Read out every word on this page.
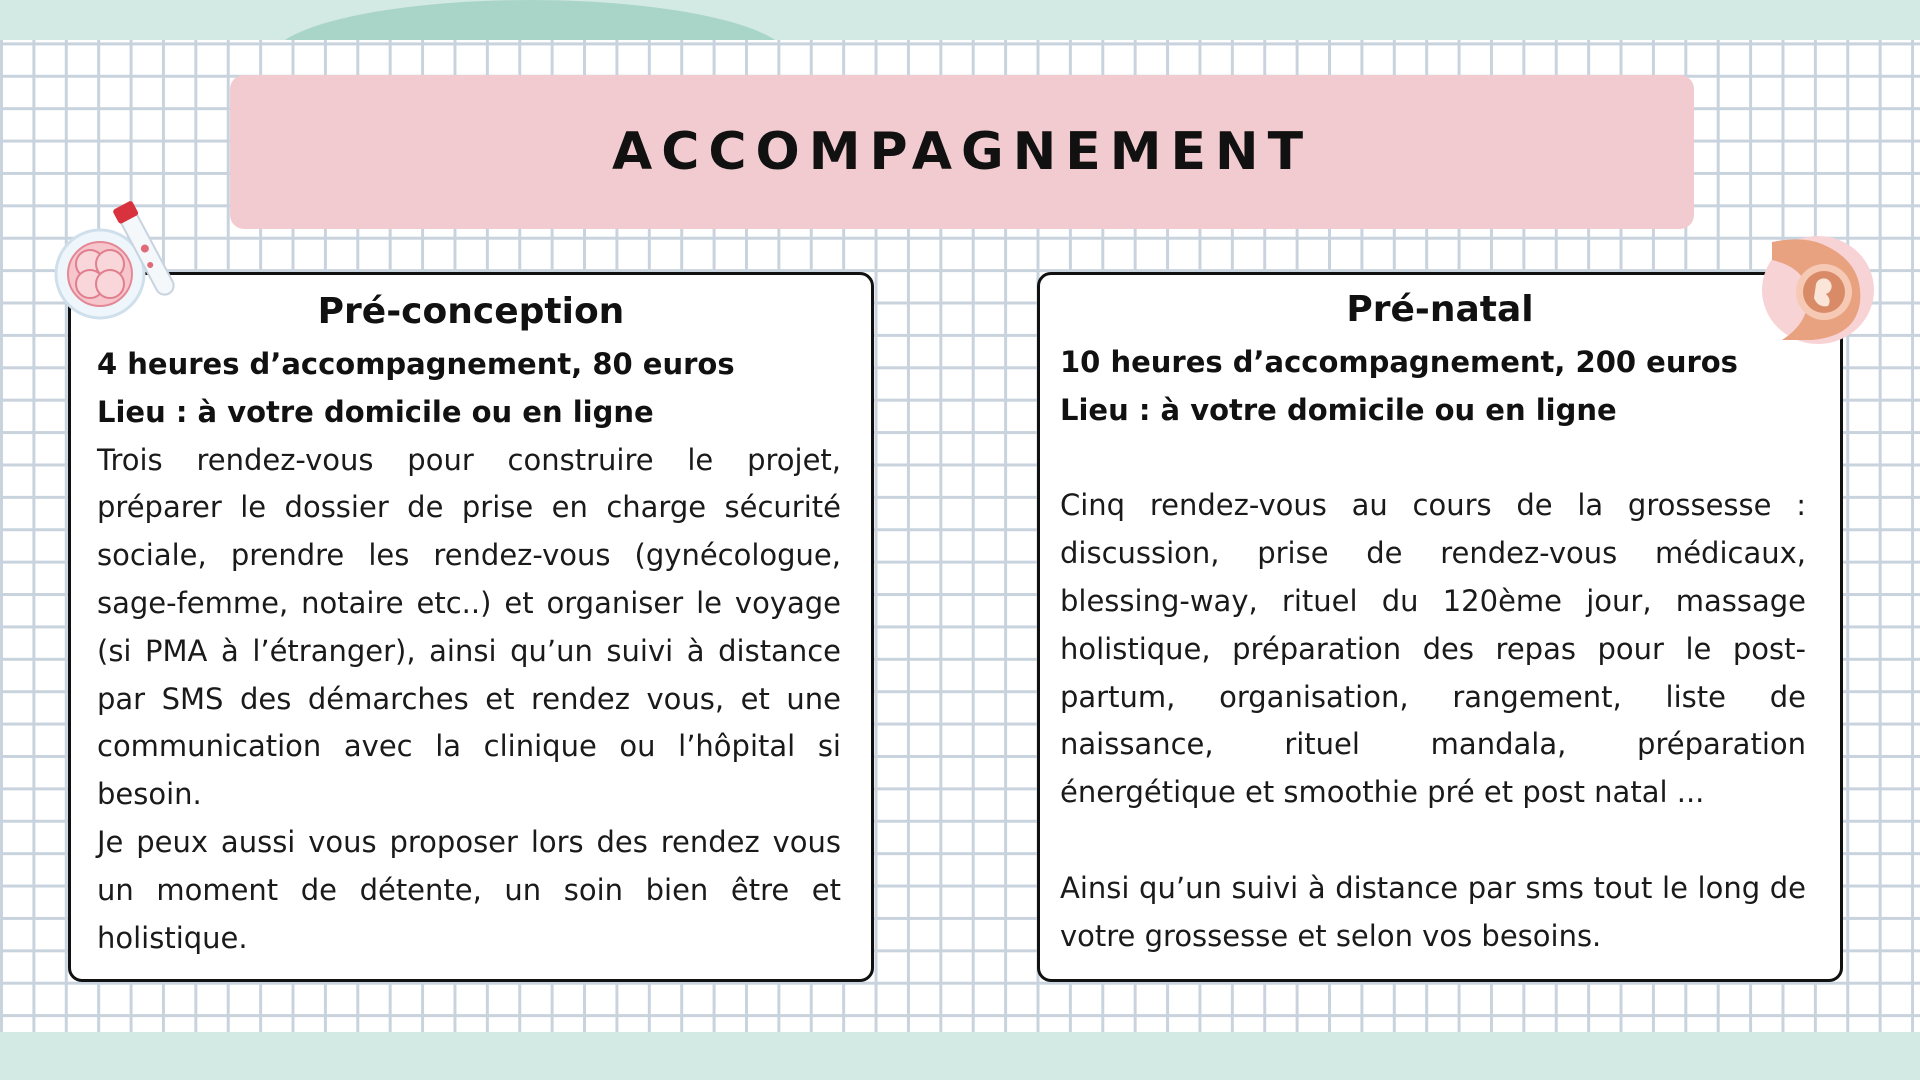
ACCOMPAGNEMENT
Pré-conception

4 heures d’accompagnement, 80 euros

Lieu : à votre domicile ou en ligne

Trois rendez-vous pour construire le projet, préparer le dossier de prise en charge sécurité sociale, prendre les rendez-vous (gynécologue, sage-femme, notaire etc..) et organiser le voyage (si PMA à l’étranger), ainsi qu’un suivi à distance par SMS des démarches et rendez vous, et une communication avec la clinique ou l’hôpital si besoin.

Je peux aussi vous proposer lors des rendez vous un moment de détente, un soin bien être et holistique.

Pré-natal

10 heures d’accompagnement, 200 euros

Lieu : à votre domicile ou en ligne

Cinq rendez-vous au cours de la grossesse : discussion, prise de rendez-vous médicaux, blessing-way, rituel du 120ème jour, massage holistique, préparation des repas pour le post-partum, organisation, rangement, liste de naissance, rituel mandala, préparation énergétique et smoothie pré et post natal ...

Ainsi qu’un suivi à distance par sms tout le long de votre grossesse et selon vos besoins.
